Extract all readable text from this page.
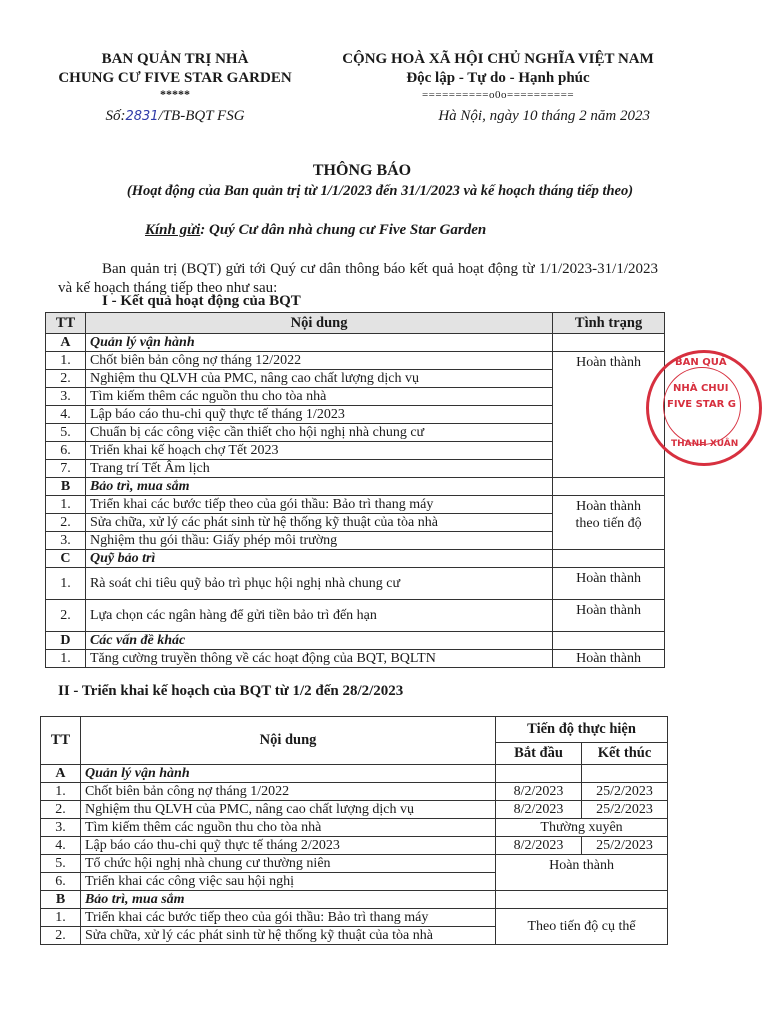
BAN QUẢN TRỊ NHÀ
CHUNG CƯ FIVE STAR GARDEN
*****
Số:2831/TB-BQT FSG
CỘNG HOÀ XÃ HỘI CHỦ NGHĨA VIỆT NAM
Độc lập - Tự do - Hạnh phúc
==========o0o==========
Hà Nội, ngày 10 tháng 2 năm 2023
THÔNG BÁO
(Hoạt động của Ban quản trị từ 1/1/2023 đến 31/1/2023 và kế hoạch tháng tiếp theo)
Kính gửi: Quý Cư dân nhà chung cư Five Star Garden
Ban quản trị (BQT) gửi tới Quý cư dân thông báo kết quả hoạt động từ 1/1/2023-31/1/2023 và kế hoạch tháng tiếp theo như sau:
I - Kết quả hoạt động của BQT
TT	Nội dung	Tình trạng
A	Quản lý vận hành	
1.	Chốt biên bản công nợ tháng 12/2022	Hoàn thành
2.	Nghiệm thu QLVH của PMC, nâng cao chất lượng dịch vụ	
3.	Tìm kiếm thêm các nguồn thu cho tòa nhà	
4.	Lập báo cáo thu-chi quỹ thực tế tháng 1/2023	
5.	Chuẩn bị các công việc cần thiết cho hội nghị nhà chung cư	
6.	Triển khai kế hoạch chợ Tết 2023	
7.	Trang trí Tết Âm lịch	
B	Bảo trì, mua sắm	
1.	Triển khai các bước tiếp theo của gói thầu: Bảo trì thang máy	Hoàn thành
theo tiến độ

2.	Sửa chữa, xử lý các phát sinh từ hệ thống kỹ thuật của tòa nhà	
3.	Nghiệm thu gói thầu: Giấy phép môi trường	
C	Quỹ bảo trì	
1.	Rà soát chi tiêu quỹ bảo trì phục hội nghị nhà chung cư	Hoàn thành
2.	Lựa chọn các ngân hàng để gửi tiền bảo trì đến hạn	Hoàn thành
D	Các vấn đề khác	
1.	Tăng cường truyền thông về các hoạt động của BQT, BQLTN	Hoàn thành
II - Triển khai kế hoạch của BQT từ 1/2 đến 28/2/2023
TT	Nội dung	Tiến độ thực hiện	
		Bắt đầu	Kết thúc
A	Quản lý vận hành		
1.	Chốt biên bản công nợ tháng 1/2022	8/2/2023	25/2/2023
2.	Nghiệm thu QLVH của PMC, nâng cao chất lượng dịch vụ	8/2/2023	25/2/2023
3.	Tìm kiếm thêm các nguồn thu cho tòa nhà	Thường xuyên	
4.	Lập báo cáo thu-chi quỹ thực tế tháng 2/2023	8/2/2023	25/2/2023
5.	Tổ chức hội nghị nhà chung cư thường niên	Hoàn thành	
6.	Triển khai các công việc sau hội nghị		
B	Bảo trì, mua sắm		
1.	Triển khai các bước tiếp theo của gói thầu: Bảo trì thang máy	Theo tiến độ cụ thể	
2.	Sửa chữa, xử lý các phát sinh từ hệ thống kỹ thuật của tòa nhà		
BAN QUẢ
NHÀ CHUI
FIVE STAR G
THANH XUÂN
